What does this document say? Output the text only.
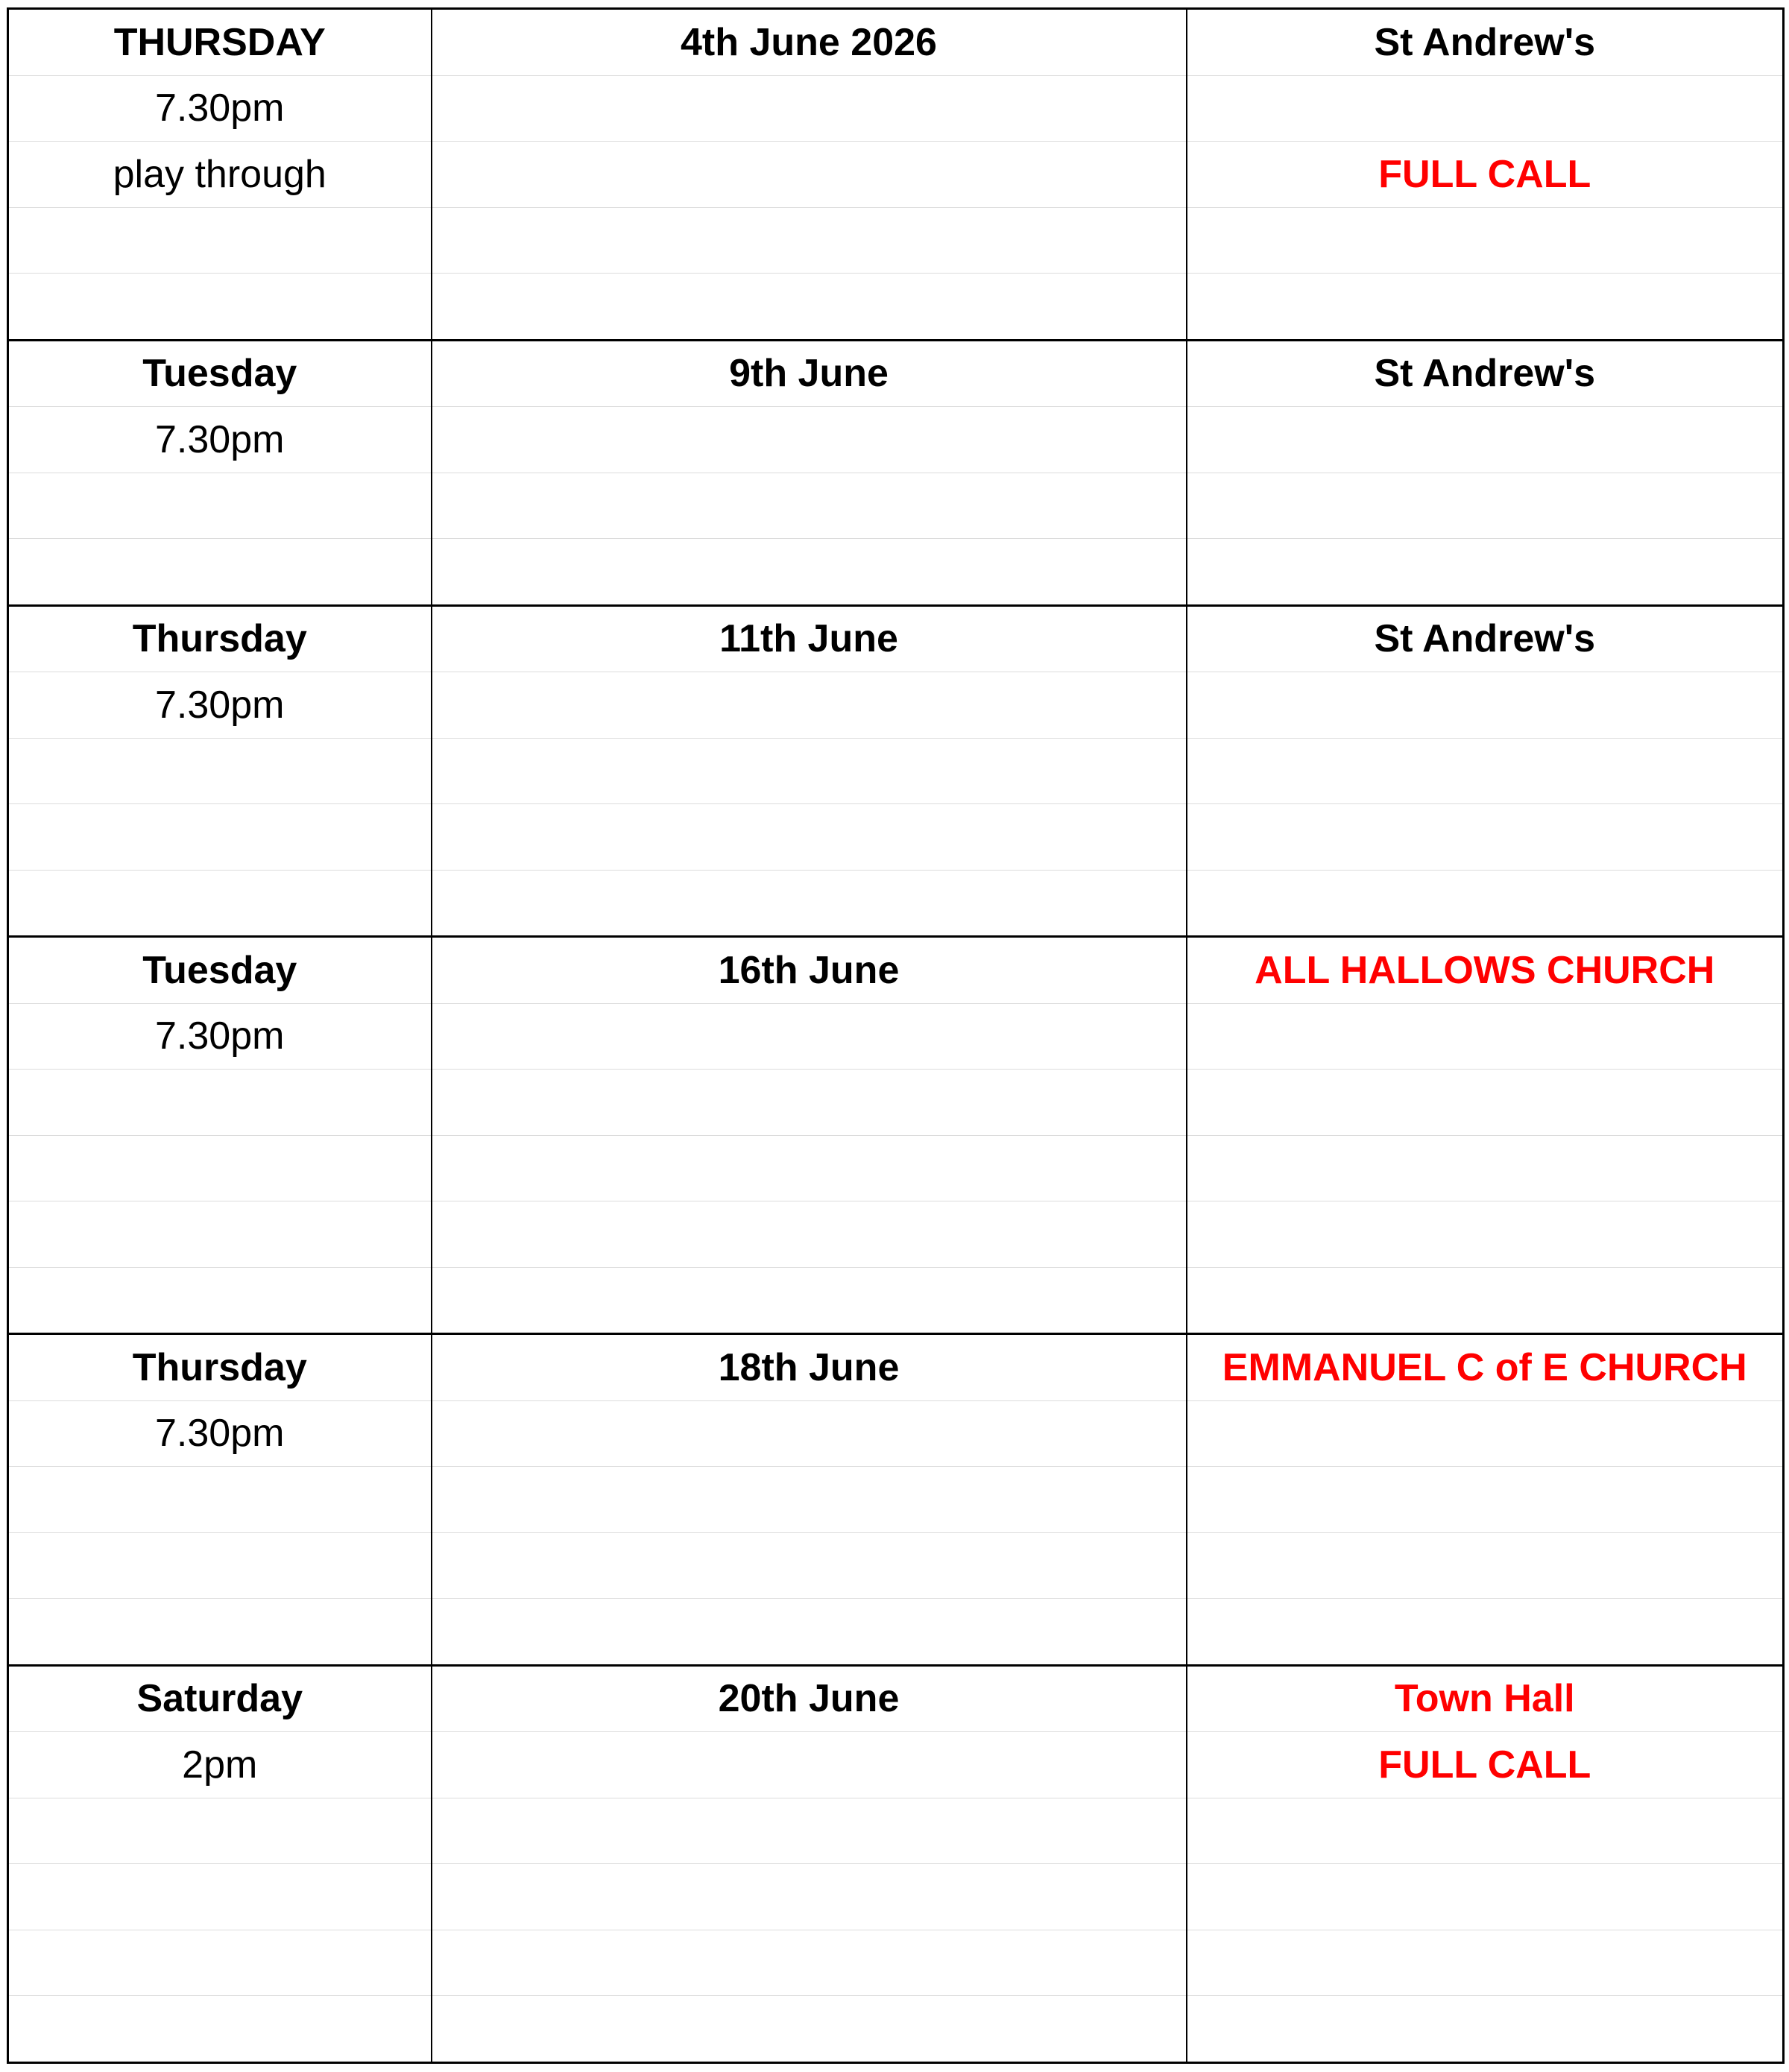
THURSDAY	4th June 2026	St Andrew's
7.30pm		
play through		FULL CALL

Tuesday	9th June	St Andrew's
7.30pm		

Thursday	11th June	St Andrew's
7.30pm		

Tuesday	16th June	ALL HALLOWS CHURCH
7.30pm		

Thursday	18th June	EMMANUEL C of E CHURCH
7.30pm		

Saturday	20th June	Town Hall
2pm		FULL CALL
